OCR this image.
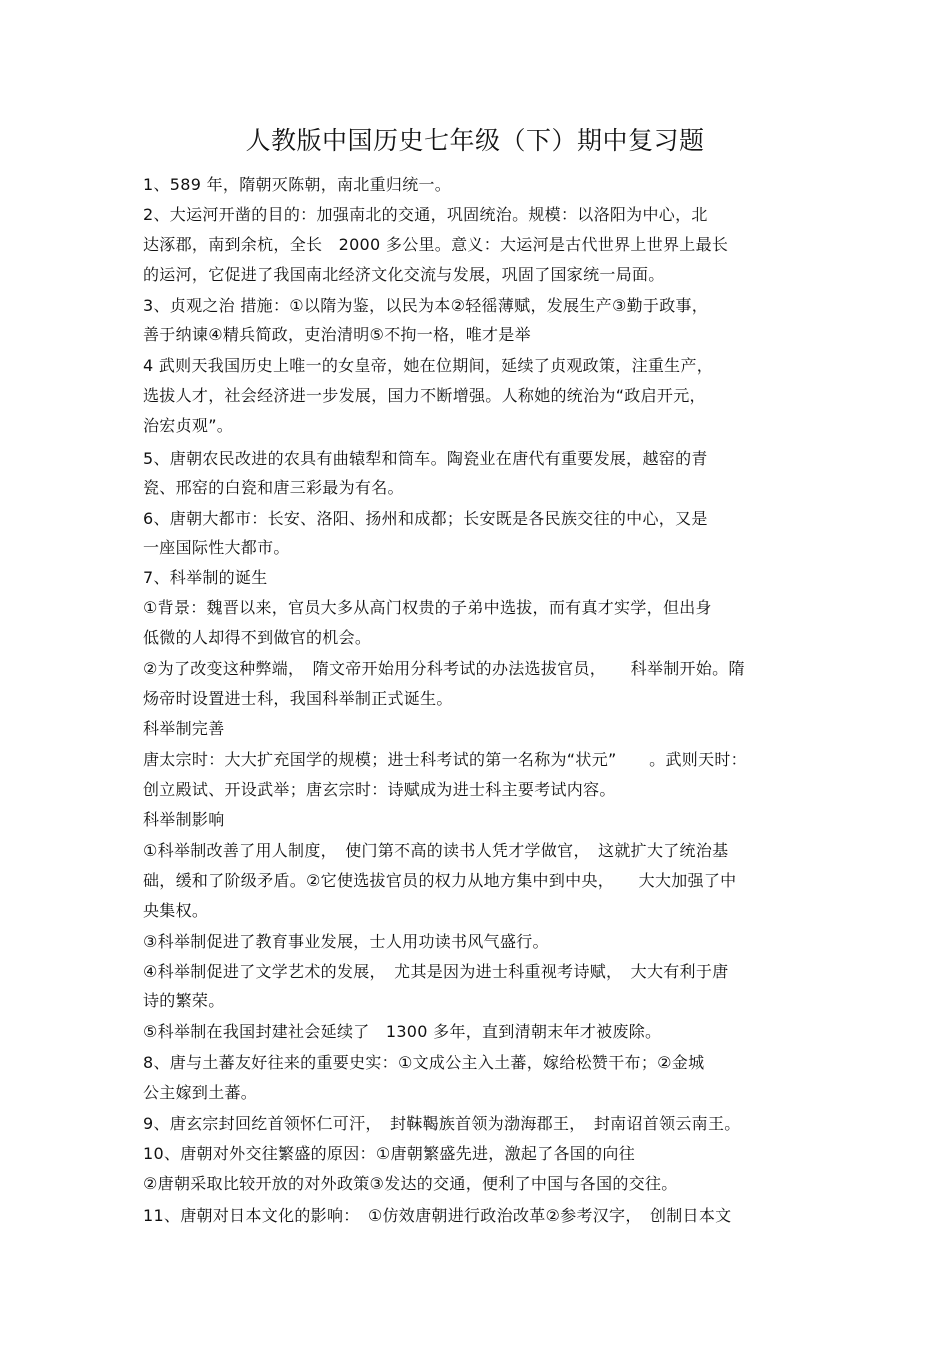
人教版中国历史七年级（下）期中复习题
1、589 年，隋朝灭陈朝，南北重归统一。
2、大运河开凿的目的：加强南北的交通，巩固统治。规模：以洛阳为中心，北
达涿郡，南到余杭，全长　2000 多公里。意义：大运河是古代世界上世界上最长
的运河，它促进了我国南北经济文化交流与发展，巩固了国家统一局面。
3、贞观之治 措施：①以隋为鉴，以民为本②轻徭薄赋，发展生产③勤于政事，
善于纳谏④精兵简政，吏治清明⑤不拘一格，唯才是举
4 武则天我国历史上唯一的女皇帝，她在位期间，延续了贞观政策，注重生产，
选拔人才，社会经济进一步发展，国力不断增强。人称她的统治为“政启开元，
治宏贞观”。
5、唐朝农民改进的农具有曲辕犁和筒车。陶瓷业在唐代有重要发展，越窑的青
瓷、邢窑的白瓷和唐三彩最为有名。
6、唐朝大都市：长安、洛阳、扬州和成都；长安既是各民族交往的中心，又是
一座国际性大都市。
7、科举制的诞生
①背景：魏晋以来，官员大多从高门权贵的子弟中选拔，而有真才实学，但出身
低微的人却得不到做官的机会。
②为了改变这种弊端，　隋文帝开始用分科考试的办法选拔官员，　　科举制开始。隋
炀帝时设置进士科，我国科举制正式诞生。
科举制完善
唐太宗时：大大扩充国学的规模；进士科考试的第一名称为“状元”　　。武则天时：
创立殿试、开设武举；唐玄宗时：诗赋成为进士科主要考试内容。
科举制影响
①科举制改善了用人制度，　使门第不高的读书人凭才学做官，　这就扩大了统治基
础，缓和了阶级矛盾。②它使选拔官员的权力从地方集中到中央，　　大大加强了中
央集权。
③科举制促进了教育事业发展，士人用功读书风气盛行。
④科举制促进了文学艺术的发展，　尤其是因为进士科重视考诗赋，　大大有利于唐
诗的繁荣。
⑤科举制在我国封建社会延续了　1300 多年，直到清朝末年才被废除。
8、唐与土蕃友好往来的重要史实：①文成公主入土蕃，嫁给松赞干布；②金城
公主嫁到土蕃。
9、唐玄宗封回纥首领怀仁可汗，　封靺鞨族首领为渤海郡王，　封南诏首领云南王。
10、唐朝对外交往繁盛的原因：①唐朝繁盛先进，激起了各国的向往
②唐朝采取比较开放的对外政策③发达的交通，便利了中国与各国的交往。
11、唐朝对日本文化的影响：　①仿效唐朝进行政治改革②参考汉字，　创制日本文
